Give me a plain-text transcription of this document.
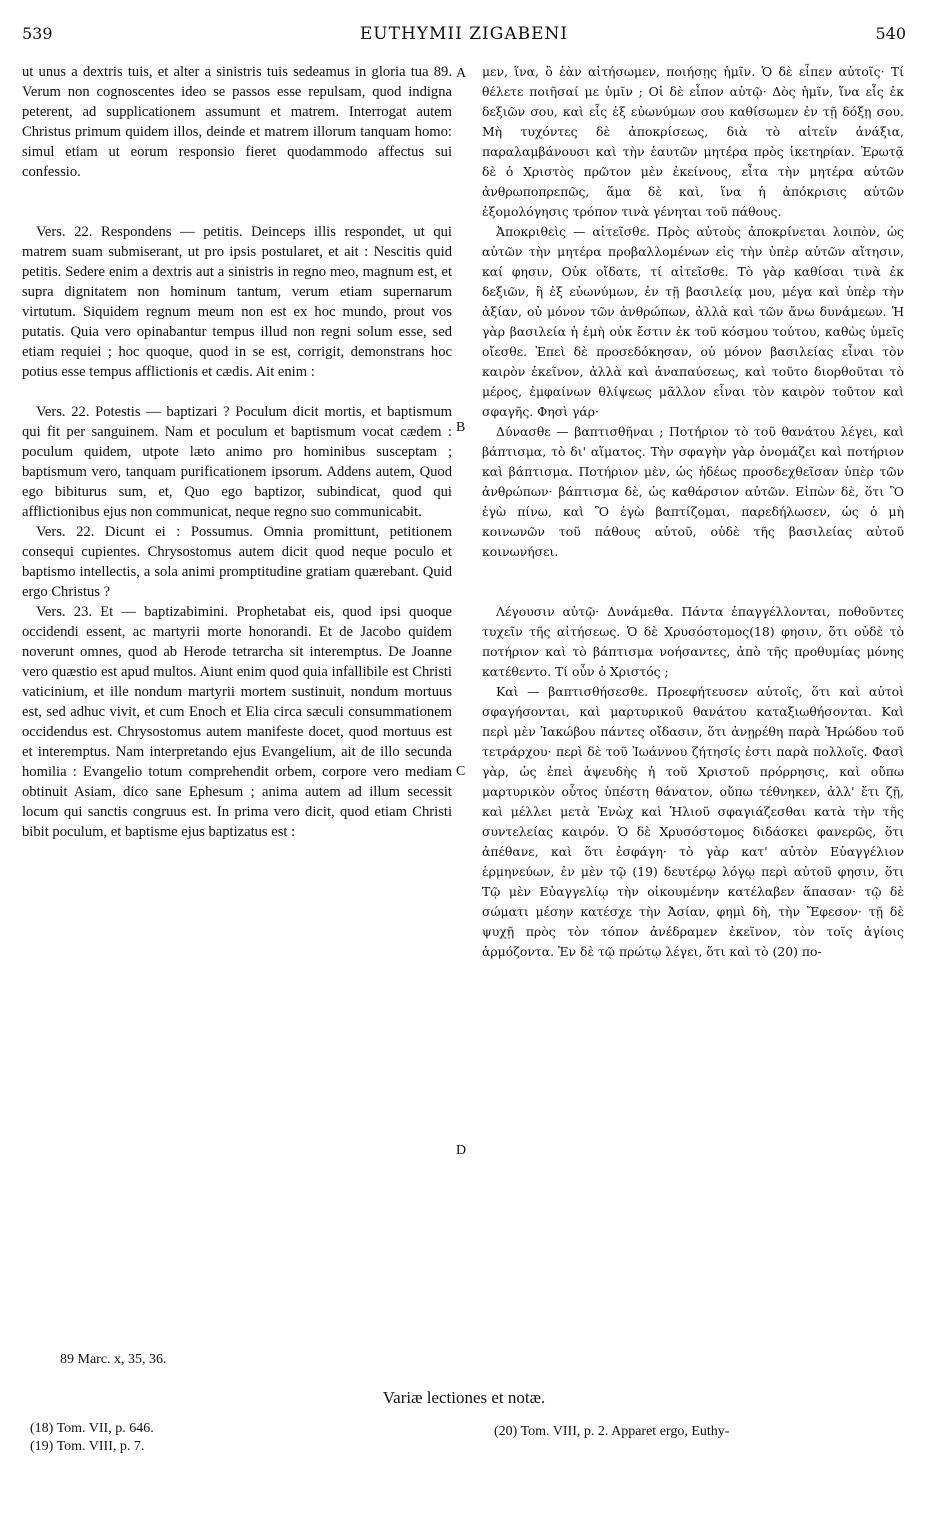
539	EUTHYMII ZIGABENI	540

ut unus a dextris tuis, et alter a sinistris tuis sedeamus in gloria tua 89. Verum non cognoscentes ideo se passos esse repulsam, quod indigna peterent, ad supplicationem assumunt et matrem. Interrogat autem Christus primum quidem illos, deinde et matrem illorum tanquam homo: simul etiam ut eorum responsio fieret quodammodo affectus sui confessio.

Vers. 22. Respondens — petitis. Deinceps illis respondet, ut qui matrem suam submiserant, ut pro ipsis postularet, et ait : Nescitis quid petitis. Sedere enim a dextris aut a sinistris in regno meo, magnum est, et supra dignitatem non hominum tantum, verum etiam supernarum virtutum. Siquidem regnum meum non est ex hoc mundo, prout vos putatis. Quia vero opinabantur tempus illud non regni solum esse, sed etiam requiei ; hoc quoque, quod in se est, corrigit, demonstrans hoc potius esse tempus afflictionis et cædis. Ait enim :

Vers. 22. Potestis — baptizari ? Poculum dicit mortis, et baptismum qui fit per sanguinem. Nam et poculum et baptismum vocat cædem : poculum quidem, utpote læto animo pro hominibus susceptam ; baptismum vero, tanquam purificationem ipsorum. Addens autem, Quod ego bibiturus sum, et, Quo ego baptizor, subindicat, quod qui afflictionibus ejus non communicat, neque regno suo communicabit.

Vers. 22. Dicunt ei : Possumus. Omnia promittunt, petitionem consequi cupientes. Chrysostomus autem dicit quod neque poculo et baptismo intellectis, a sola animi promptitudine gratiam quærebant. Quid ergo Christus ?

Vers. 23. Et — baptizabimini. Prophetabat eis, quod ipsi quoque occidendi essent, ac martyrii morte honorandi. Et de Jacobo quidem noverunt omnes, quod ab Herode tetrarcha sit interemptus. De Joanne vero quæstio est apud multos. Aiunt enim quod quia infallibile est Christi vaticinium, et ille nondum martyrii mortem sustinuit, nondum mortuus est, sed adhuc vivit, et cum Enoch et Elia circa sæculi consummationem occidendus est. Chrysostomus autem manifeste docet, quod mortuus est et interemptus. Nam interpretando ejus Evangelium, ait de illo secunda homilia : Evangelio totum comprehendit orbem, corpore vero mediam obtinuit Asiam, dico sane Ephesum ; anima autem ad illum secessit locum qui sanctis congruus est. In prima vero dicit, quod etiam Christi bibit poculum, et baptisme ejus baptizatus est :

A
B
C
D

μεν, ἵνα, ὃ ἐὰν αἰτήσωμεν, ποιήσῃς ἡμῖν. Ὁ δὲ εἶπεν αὐτοῖς· Τί θέλετε ποιῆσαί με ὑμῖν ; Οἱ δὲ εἶπον αὐτῷ· Δὸς ἡμῖν, ἵνα εἷς ἐκ δεξιῶν σου, καὶ εἷς ἐξ εὐωνύμων σου καθίσωμεν ἐν τῇ δόξῃ σου. Μὴ τυχόντες δὲ ἀποκρίσεως, διὰ τὸ αἰτεῖν ἀνάξια, παραλαμβάνουσι καὶ τὴν ἑαυτῶν μητέρα πρὸς ἱκετηρίαν. Ἐρωτᾷ δὲ ὁ Χριστὸς πρῶτον μὲν ἐκείνους, εἶτα τὴν μητέρα αὐτῶν ἀνθρωποπρεπῶς, ἅμα δὲ καὶ, ἵνα ἡ ἀπόκρισις αὐτῶν ἐξομολόγησις τρόπον τινὰ γένηται τοῦ πάθους.

Ἀποκριθεὶς — αἰτεῖσθε. Πρὸς αὐτοὺς ἀποκρίνεται λοιπὸν, ὡς αὐτῶν τὴν μητέρα προβαλλομένων εἰς τὴν ὑπὲρ αὐτῶν αἴτησιν, καί φησιν, Οὐκ οἴδατε, τί αἰτεῖσθε. Τὸ γὰρ καθίσαι τινὰ ἐκ δεξιῶν, ἢ ἐξ εὐωνύμων, ἐν τῇ βασιλείᾳ μου, μέγα καὶ ὑπὲρ τὴν ἀξίαν, οὐ μόνον τῶν ἀνθρώπων, ἀλλὰ καὶ τῶν ἄνω δυνάμεων. Ἡ γὰρ βασιλεία ἡ ἐμὴ οὐκ ἔστιν ἐκ τοῦ κόσμου τούτου, καθὼς ὑμεῖς οἴεσθε. Ἐπεὶ δὲ προσεδόκησαν, οὐ μόνον βασιλείας εἶναι τὸν καιρὸν ἐκεῖνον, ἀλλὰ καὶ ἀναπαύσεως, καὶ τοῦτο διορθοῦται τὸ μέρος, ἐμφαίνων θλίψεως μᾶλλον εἶναι τὸν καιρὸν τοῦτον καὶ σφαγῆς. Φησὶ γάρ·

Δύνασθε — βαπτισθῆναι ; Ποτήριον τὸ τοῦ θανάτου λέγει, καὶ βάπτισμα, τὸ δι' αἵματος. Τὴν σφαγὴν γὰρ ὀνομάζει καὶ ποτήριον καὶ βάπτισμα. Ποτήριον μὲν, ὡς ἡδέως προσδεχθεῖσαν ὑπὲρ τῶν ἀνθρώπων· βάπτισμα δὲ, ὡς καθάρσιον αὐτῶν. Εἰπὼν δὲ, ὅτι Ὃ ἐγὼ πίνω, καὶ Ὃ ἐγὼ βαπτίζομαι, παρεδήλωσεν, ὡς ὁ μὴ κοινωνῶν τοῦ πάθους αὐτοῦ, οὐδὲ τῆς βασιλείας αὐτοῦ κοινωνήσει.

Λέγουσιν αὐτῷ· Δυνάμεθα. Πάντα ἐπαγγέλλονται, ποθοῦντες τυχεῖν τῆς αἰτήσεως. Ὁ δὲ Χρυσόστομος(18) φησιν, ὅτι οὐδὲ τὸ ποτήριον καὶ τὸ βάπτισμα νοήσαντες, ἀπὸ τῆς προθυμίας μόνης κατέθεντο. Τί οὖν ὁ Χριστός ;

Καὶ — βαπτισθήσεσθε. Προεφήτευσεν αὐτοῖς, ὅτι καὶ αὐτοὶ σφαγήσονται, καὶ μαρτυρικοῦ θανάτου καταξιωθήσονται. Καὶ περὶ μὲν Ἰακώβου πάντες οἴδασιν, ὅτι ἀνῃρέθη παρὰ Ἡρώδου τοῦ τετράρχου· περὶ δὲ τοῦ Ἰωάννου ζήτησίς ἐστι παρὰ πολλοῖς. Φασὶ γὰρ, ὡς ἐπεὶ ἀψευδὴς ἡ τοῦ Χριστοῦ πρόρρησις, καὶ οὔπω μαρτυρικὸν οὗτος ὑπέστη θάνατον, οὔπω τέθνηκεν, ἀλλ' ἔτι ζῇ, καὶ μέλλει μετὰ Ἐνὼχ καὶ Ἡλιοῦ σφαγιάζεσθαι κατὰ τὴν τῆς συντελείας καιρόν. Ὁ δὲ Χρυσόστομος διδάσκει φανερῶς, ὅτι ἀπέθανε, καὶ ὅτι ἐσφάγη· τὸ γὰρ κατ' αὐτὸν Εὐαγγέλιον ἑρμηνεύων, ἐν μὲν τῷ (19) δευτέρῳ λόγῳ περὶ αὐτοῦ φησιν, ὅτι Τῷ μὲν Εὐαγγελίῳ τὴν οἰκουμένην κατέλαβεν ἅπασαν· τῷ δὲ σώματι μέσην κατέσχε τὴν Ἀσίαν, φημὶ δὴ, τὴν Ἔφεσον· τῇ δὲ ψυχῇ πρὸς τὸν τόπον ἀνέδραμεν ἐκεῖνον, τὸν τοῖς ἁγίοις ἁρμόζοντα. Ἐν δὲ τῷ πρώτῳ λέγει, ὅτι καὶ τὸ (20) πο-

89 Marc. x, 35, 36.
Variæ lectiones et notæ.
(18) Tom. VII, p. 646.
(19) Tom. VIII, p. 7.
(20) Tom. VIII, p. 2. Apparet ergo, Euthy-
